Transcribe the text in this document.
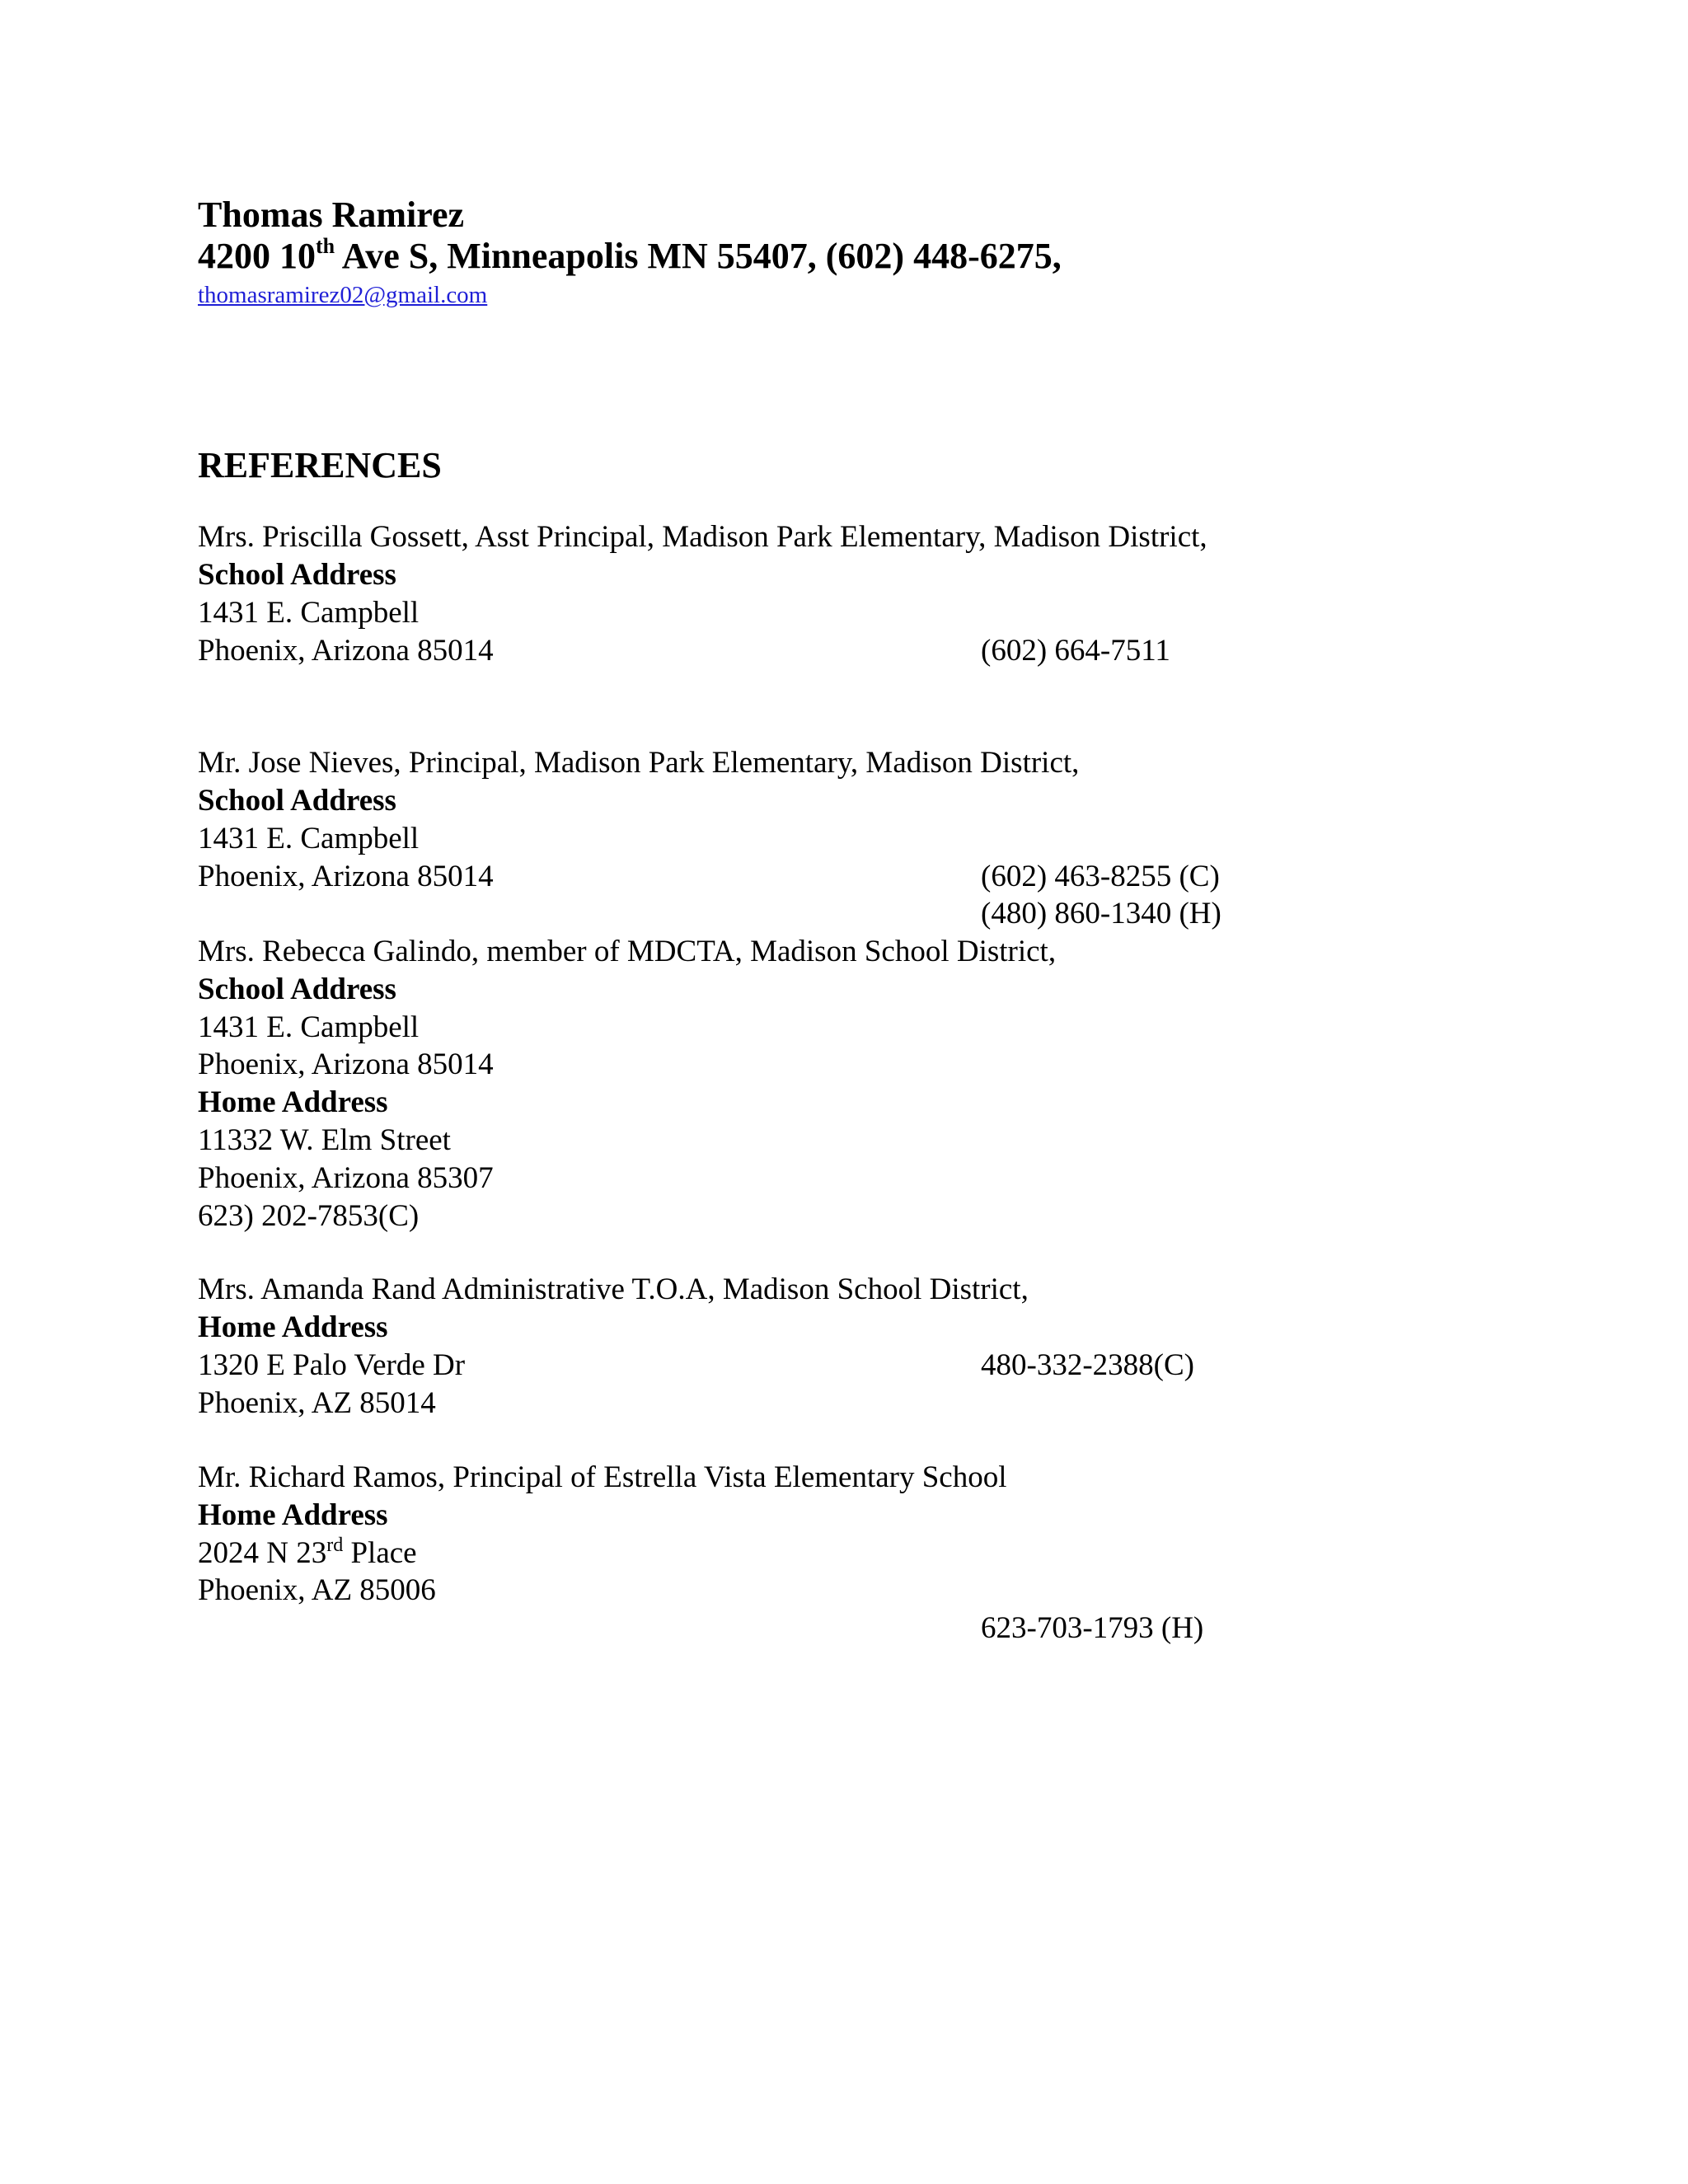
Thomas Ramirez
4200 10th Ave S, Minneapolis MN 55407, (602) 448-6275,
thomasramirez02@gmail.com
REFERENCES
Mrs. Priscilla Gossett, Asst Principal, Madison Park Elementary, Madison District,
School Address
1431 E. Campbell
Phoenix, Arizona 85014	(602) 664-7511
Mr. Jose Nieves, Principal, Madison Park Elementary, Madison District,
School Address
1431 E. Campbell
Phoenix, Arizona 85014	(602) 463-8255 (C)
(480) 860-1340 (H)
Mrs. Rebecca Galindo, member of MDCTA, Madison School District,
School Address
1431 E. Campbell
Phoenix, Arizona 85014
Home Address
11332 W. Elm Street
Phoenix, Arizona 85307
623) 202-7853(C)
Mrs. Amanda Rand Administrative T.O.A, Madison School District,
Home Address
1320 E Palo Verde Dr	480-332-2388(C)
Phoenix, AZ 85014
Mr. Richard Ramos, Principal of Estrella Vista Elementary School
Home Address
2024 N 23rd Place
Phoenix, AZ 85006
623-703-1793 (H)
